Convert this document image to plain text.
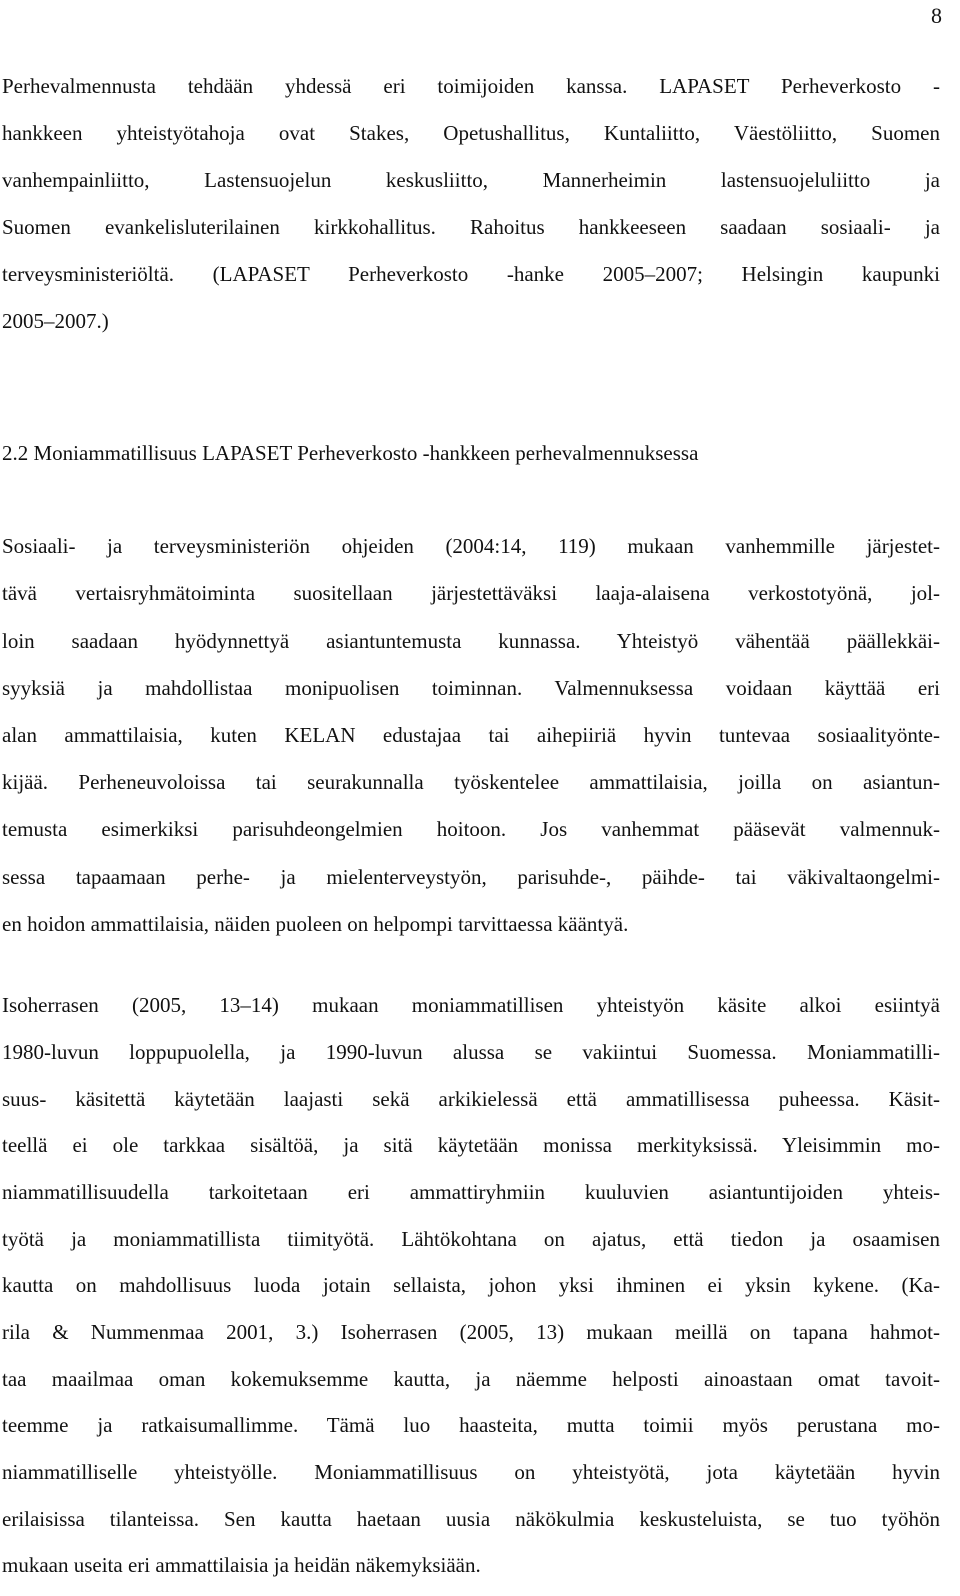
8

Perhevalmennusta tehdään yhdessä eri toimijoiden kanssa. LAPASET Perheverkosto -

hankkeen yhteistyötahoja ovat Stakes, Opetushallitus, Kuntaliitto, Väestöliitto, Suomen

vanhempainliitto, Lastensuojelun keskusliitto, Mannerheimin lastensuojeluliitto ja

Suomen evankelisluterilainen kirkkohallitus. Rahoitus hankkeeseen saadaan sosiaali- ja

terveysministeriöltä. (LAPASET Perheverkosto -hanke 2005–2007; Helsingin kaupunki

2005–2007.)

2.2 Moniammatillisuus LAPASET Perheverkosto -hankkeen perhevalmennuksessa

Sosiaali- ja terveysministeriön ohjeiden (2004:14, 119) mukaan vanhemmille järjestet-

tävä vertaisryhmätoiminta suositellaan järjestettäväksi laaja-alaisena verkostotyönä, jol-

loin saadaan hyödynnettyä asiantuntemusta kunnassa. Yhteistyö vähentää päällekkäi-

syyksiä ja mahdollistaa monipuolisen toiminnan. Valmennuksessa voidaan käyttää eri

alan ammattilaisia, kuten KELAN edustajaa tai aihepiiriä hyvin tuntevaa sosiaalityönte-

kijää. Perheneuvoloissa tai seurakunnalla työskentelee ammattilaisia, joilla on asiantun-

temusta esimerkiksi parisuhdeongelmien hoitoon. Jos vanhemmat pääsevät valmennuk-

sessa tapaamaan perhe- ja mielenterveystyön, parisuhde-, päihde- tai väkivaltaongelmi-

en hoidon ammattilaisia, näiden puoleen on helpompi tarvittaessa kääntyä.

Isoherrasen (2005, 13–14) mukaan moniammatillisen yhteistyön käsite alkoi esiintyä

1980-luvun loppupuolella, ja 1990-luvun alussa se vakiintui Suomessa. Moniammatilli-

suus- käsitettä käytetään laajasti sekä arkikielessä että ammatillisessa puheessa. Käsit-

teellä ei ole tarkkaa sisältöä, ja sitä käytetään monissa merkityksissä. Yleisimmin mo-

niammatillisuudella tarkoitetaan eri ammattiryhmiin kuuluvien asiantuntijoiden yhteis-

työtä ja moniammatillista tiimityötä. Lähtökohtana on ajatus, että tiedon ja osaamisen

kautta on mahdollisuus luoda jotain sellaista, johon yksi ihminen ei yksin kykene. (Ka-

rila & Nummenmaa 2001, 3.) Isoherrasen (2005, 13) mukaan meillä on tapana hahmot-

taa maailmaa oman kokemuksemme kautta, ja näemme helposti ainoastaan omat tavoit-

teemme ja ratkaisumallimme. Tämä luo haasteita, mutta toimii myös perustana mo-

niammatilliselle yhteistyölle. Moniammatillisuus on yhteistyötä, jota käytetään hyvin

erilaisissa tilanteissa. Sen kautta haetaan uusia näkökulmia keskusteluista, se tuo työhön

mukaan useita eri ammattilaisia ja heidän näkemyksiään.
